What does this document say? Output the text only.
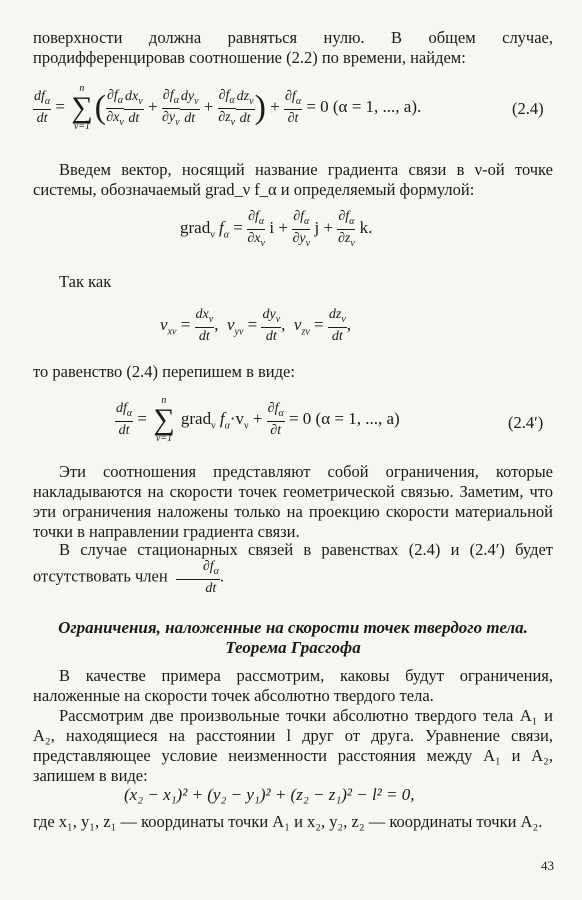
поверхности должна равняться нулю. В общем случае, продифференцировав соотношение (2.2) по времени, найдем:

$\frac{df_\alpha}{dt}$ =
n
∑
ν=1
( $\frac{\partial f_\alpha}{\partial x_\nu} \frac{dx_\nu}{dt} + \frac{\partial f_\alpha}{\partial y_\nu} \frac{dy_\nu}{dt} + \frac{\partial f_\alpha}{\partial z_\nu} \frac{dz_\nu}{dt}$ ) + $\frac{\partial f_\alpha}{\partial t} = 0$ (α = 1, ..., a).	(2.4)

Введем вектор, носящий название градиента связи в ν-ой точке системы, обозначаемый grad_ν f_α и определяемый формулой:

grad$_\nu$ $f_\alpha = \frac{\partial f_\alpha}{\partial x_\nu}$ $i + \frac{\partial f_\alpha}{\partial y_\nu}$ $j + \frac{\partial f_\alpha}{\partial z_\nu} k$.

Так как

$v_{x\nu} = \frac{dx_\nu}{dt}$ ,  $v_{y\nu} = \frac{dy_\nu}{dt}$ ,  $v_{z\nu} = \frac{dz_\nu}{dt}$ ,

то равенство (2.4) перепишем в виде:

$\frac{df_\alpha}{dt}$ =
n
∑
ν=1
grad$_\nu$ $f_\alpha\cdot v_\nu + \frac{\partial f_\alpha}{\partial t} = 0$ (α = 1, ..., a)	(2.4′)

Эти соотношения представляют собой ограничения, которые накладываются на скорости точек геометрической связью. Заметим, что эти ограничения наложены только на проекцию скорости материальной точки в направлении градиента связи.

В случае стационарных связей в равенствах (2.4) и (2.4′) будет отсутствовать член $\frac{\partial f_\alpha}{dt}$ .
Ограничения, наложенные на скорости точек твердого тела. Теорема Грасгофа

В качестве примера рассмотрим, каковы будут ограничения, наложенные на скорости точек абсолютно твердого тела.

Рассмотрим две произвольные точки абсолютно твердого тела A₁ и A₂, находящиеся на расстоянии l друг от друга. Уравнение связи, представляющее условие неизменности расстояния между A₁ и A₂, запишем в виде:

(x₂ − x₁)² + (y₂ − y₁)² + (z₂ − z₁)² − l² = 0,

где x₁, y₁, z₁ — координаты точки A₁ и x₂, y₂, z₂ — координаты точки A₂.

43
